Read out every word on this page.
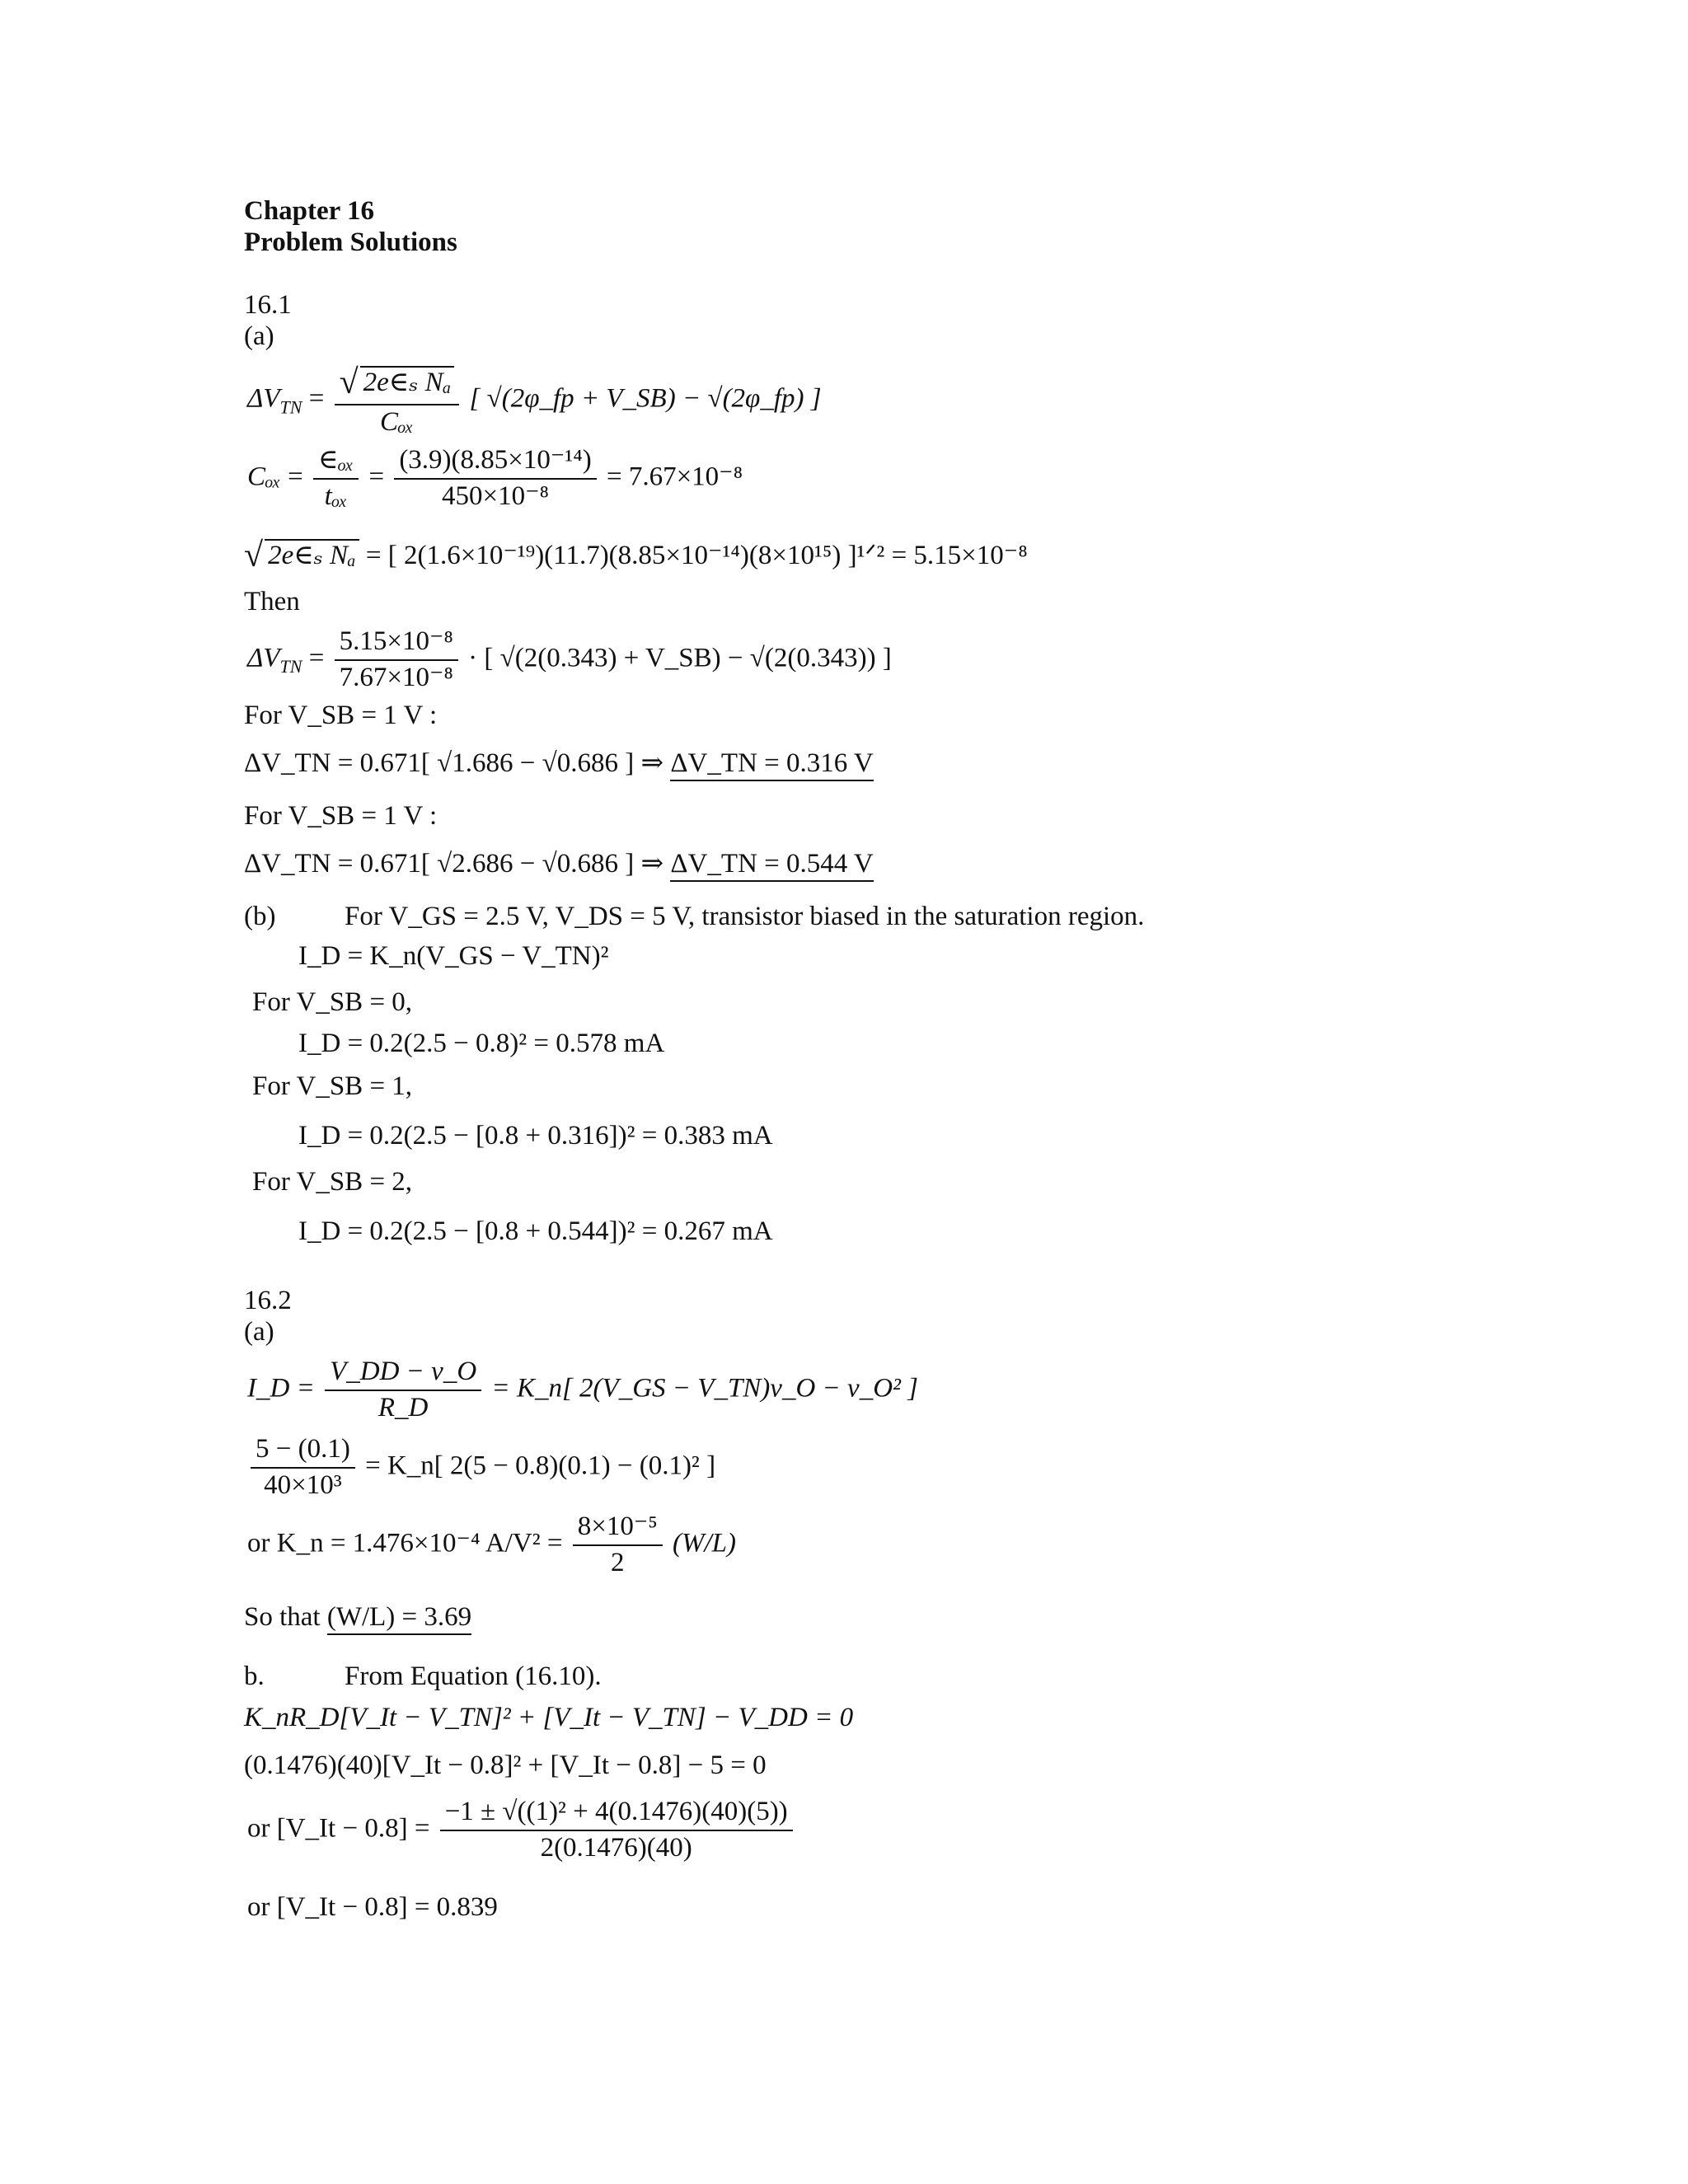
Chapter 16
Problem Solutions
16.1
(a)
$\Delta V_{TN} = \frac{\text{√ 2e∈ₛ Nₐ}}{\text{Cₒₓ}}$ [ √(2φ_fp + V_SB) − √(2φ_fp) ]
$C_{ox} = \frac{\text{∈ₒₓ}}{\text{tₒₓ}} = \frac{\text{(3.9)(8.85×10⁻¹⁴)}}{\text{450×10⁻⁸}} = 7.67\times 10^{-8}$
√ 2e∈ₛ Nₐ = [ 2(1.6×10⁻¹⁹)(11.7)(8.85×10⁻¹⁴)(8×10¹⁵) ]¹ᐟ² = 5.15×10⁻⁸
Then
$\Delta V_{TN} = \frac{\text{5.15×10⁻⁸}}{\text{7.67×10⁻⁸}}$ · [ √(2(0.343) + V_SB) − √(2(0.343)) ]
For V_SB = 1 V :
ΔV_TN = 0.671[ √1.686 − √0.686 ] ⇒ ΔV_TN = 0.316 V
For V_SB = 1 V :
ΔV_TN = 0.671[ √2.686 − √0.686 ] ⇒ ΔV_TN = 0.544 V
(b)	For V_GS = 2.5 V, V_DS = 5 V, transistor biased in the saturation region.
I_D = K_n(V_GS − V_TN)²
For V_SB = 0,
I_D = 0.2(2.5 − 0.8)² = 0.578 mA
For V_SB = 1,
I_D = 0.2(2.5 − [0.8 + 0.316])² = 0.383 mA
For V_SB = 2,
I_D = 0.2(2.5 − [0.8 + 0.544])² = 0.267 mA
16.2
(a)
I_D = $\frac{V\_DD - v\_O}{R\_D}$ = K_n[ 2(V_GS − V_TN)v_O − v_O² ]
$\frac{5 - (0.1)}{\text{40×10³}}$ = K_n[ 2(5 − 0.8)(0.1) − (0.1)² ]
or K_n = 1.476×10⁻⁴ $A/V^2 = \frac{\text{8×10⁻⁵}}{2} (W/L)$
So that (W/L) = 3.69
b.	From Equation (16.10).
K_nR_D[V_It − V_TN]² + [V_It − V_TN] − V_DD = 0
(0.1476)(40)[V_It − 0.8]² + [V_It − 0.8] − 5 = 0
or [V_It − $0.8] = \frac{\text{−1 ± √((1)² + 4(0.1476)(40)(5))}}{2(0.1476)(40)}$
or [V_It − 0.8] = 0.839
